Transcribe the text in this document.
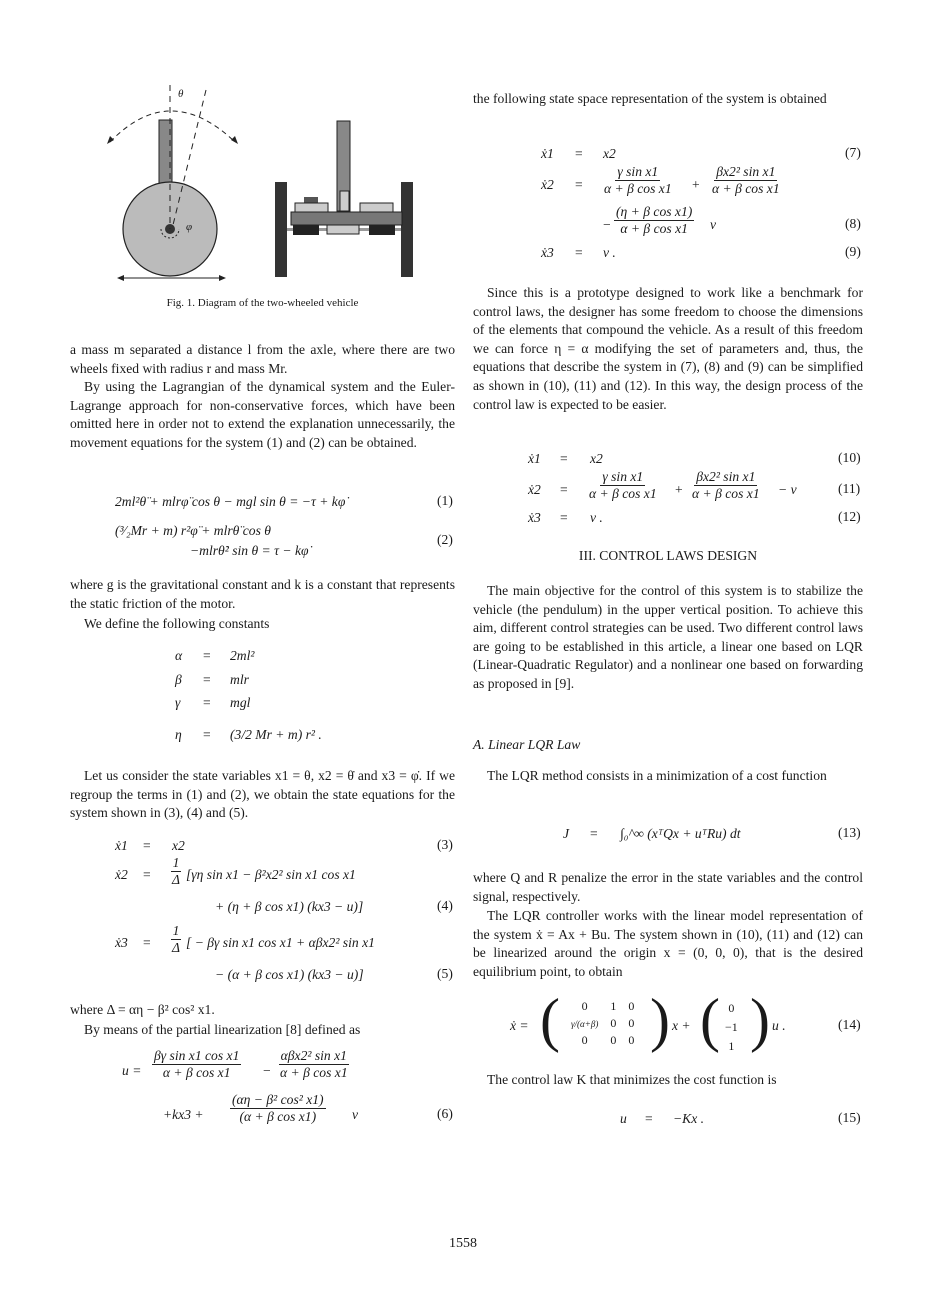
θ
φ
Fig. 1. Diagram of the two-wheeled vehicle
a mass m separated a distance l from the axle, where there are two wheels fixed with radius r and mass Mr.
By using the Lagrangian of the dynamical system and the Euler-Lagrange approach for non-conservative forces, which have been omitted here in order not to extend the explanation unnecessarily, the movement equations for the system (1) and (2) can be obtained.
2ml²θ̈ + mlrφ̈ cos θ − mgl sin θ = −τ + kφ̇	(1)
(³⁄₂Mr + m) r²φ̈ + mlrθ̈ cos θ
−mlrθ̇² sin θ = τ − kφ̇
(2)
where g is the gravitational constant and k is a constant that represents the static friction of the motor.
We define the following constants
α = 2ml²
β = mlr
γ = mgl
η = (3/2 Mr + m) r² .
Let us consider the state variables x1 = θ, x2 = θ̇ and x3 = φ̇. If we regroup the terms in (1) and (2), we obtain the state equations for the system shown in (3), (4) and (5).
ẋ1 = x2	(3)
ẋ2 = $\frac{1}{\Delta} [\gamma\eta$ sin x1 − β²x2² sin x1 cos x1
+ (η + β cos x1) (kx3 − u)]	(4)
ẋ3 = $\frac{1}{\Delta}$ [ − βγ sin x1 cos x1 + αβx2² sin x1
− (α + β cos x1) (kx3 − u)]	(5)
where Δ = αη − β² cos² x1.
By means of the partial linearization [8] defined as
$u = \frac{\text{βγ sin x1 cos x1}}{\text{α + β cos x1}}$ −
αβx2² sin x1
α + β cos x1
$+kx3 + \frac{\text{(αη − β² cos² x1)}}{\text{(α + β cos x1)}}$ v	(6)
the following state space representation of the system is obtained
ẋ1 = x2	(7)
ẋ2 = $\frac{\text{γ sin x1}}{\text{α + β cos x1}} + \frac{\text{βx2² sin x1}}{\text{α + β cos x1}}$
− $\frac{\text{(η + β cos x1)}}{\text{α + β cos x1}}$ v	(8)
ẋ3 = v .	(9)
Since this is a prototype designed to work like a benchmark for control laws, the designer has some freedom to choose the dimensions of the elements that compound the vehicle. As a result of this freedom we can force η = α modifying the set of parameters and, thus, the equations that describe the system in (7), (8) and (9) can be simplified as shown in (10), (11) and (12). In this way, the design process of the control law is expected to be easier.
ẋ1 = x2	(10)
ẋ2 = $\frac{\text{γ sin x1}}{\text{α + β cos x1}} + \frac{\text{βx2² sin x1}}{\text{α + β cos x1}} - v$	(11)
ẋ3 = v .	(12)
III. CONTROL LAWS DESIGN
The main objective for the control of this system is to stabilize the vehicle (the pendulum) in the upper vertical position. To achieve this aim, different control strategies can be used. Two different control laws are going to be established in this article, a linear one based on LQR (Linear-Quadratic Regulator) and a nonlinear one based on forwarding as proposed in [9].
A. Linear LQR Law
The LQR method consists in a minimization of a cost function
J = ∫₀^∞ (xᵀQx + uᵀRu) dt	(13)
where Q and R penalize the error in the state variables and the control signal, respectively.
The LQR controller works with the linear model representation of the system ẋ = Ax + Bu. The system shown in (10), (11) and (12) can be linearized around the origin x = (0, 0, 0), that is the desired equilibrium point, to obtain
ẋ = ( 0	1	0
γ/(α+β)	0	0
0	0	0 ) x + ( 0
−1
1 ) u .	(14)
The control law K that minimizes the cost function is
u = −Kx .	(15)
1558
